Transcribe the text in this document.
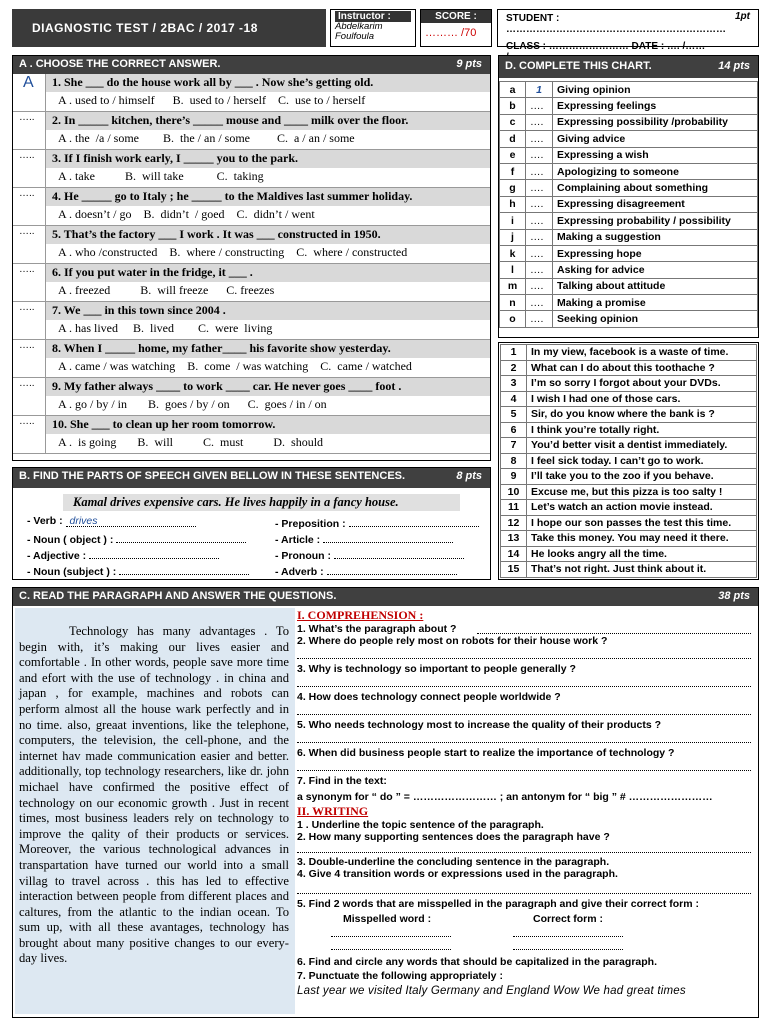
DIAGNOSTIC TEST / 2BAC / 2017 -18
Instructor :
Abdelkarim Foulfoula
SCORE :
……… /70
STUDENT : …………………………………………………………
1pt
CLASS : …………………… DATE : …. /……
A . CHOOSE THE CORRECT ANSWER.	9 pts
A	1. She ___ do the house work all by ___ . Now she’s getting old.
A . used to / himself      B.  used to / herself    C.  use to / herself
…..	2. In _____ kitchen, there’s _____ mouse and ____ milk over the floor.
A . the  /a / some        B.  the / an / some         C.  a / an / some
…..	3. If I finish work early, I _____ you to the park.
A . take          B.  will take           C.  taking
…..	4. He _____ go to Italy ; he _____ to the Maldives last summer holiday.
A . doesn’t / go    B.  didn’t  / goed    C.  didn’t / went
…..	5. That’s the factory ___ I work . It was ___ constructed in 1950.
A . who /constructed    B.  where / constructing    C.  where / constructed
…..	6. If you put water in the fridge, it ___ .
A . freezed          B.  will freeze      C. freezes
…..	7. We ___ in this town since 2004 .
A . has lived     B.  lived        C.  were  living
…..	8. When I _____ home, my father____ his favorite show yesterday.
A . came / was watching    B.  come  / was watching    C.  came / watched
…..	9. My father always ____ to work ____ car. He never goes ____ foot .
A . go / by / in       B.  goes / by / on      C.  goes / in / on
…..	10. She ___ to clean up her room tomorrow.
A .  is going       B.  will          C.  must          D.  should
B. FIND THE PARTS OF SPEECH GIVEN BELLOW IN THESE SENTENCES.	8 pts
Kamal drives expensive cars. He lives happily in a fancy house.
- Verb : drives	- Preposition :
- Noun ( object ) :	- Article :
- Adjective :	- Pronoun :
- Noun (subject ) :	- Adverb :
D. COMPLETE THIS CHART.	14 pts
a	1	Giving opinion
b	….	Expressing feelings
c	….	Expressing possibility /probability
d	….	Giving advice
e	….	Expressing a wish
f	….	Apologizing to someone
g	….	Complaining about something
h	….	Expressing disagreement
i	….	Expressing probability / possibility
j	….	Making a suggestion
k	….	Expressing hope
l	….	Asking for advice
m	….	Talking about attitude
n	….	Making a promise
o	….	Seeking opinion
1	In my view, facebook is a waste of time.
2	What can I do about this toothache ?
3	I’m so sorry I forgot about your DVDs.
4	I wish I had one of those cars.
5	Sir, do you know where the bank is ?
6	I think you’re totally right.
7	You’d better visit a dentist immediately.
8	I feel sick today. I can’t go to work.
9	I’ll take you to the zoo if you behave.
10	Excuse me, but this pizza is too salty !
11	Let’s watch an action movie instead.
12	I hope our son passes the test this time.
13	Take this money. You may need it there.
14	He looks angry all the time.
15	That’s not right. Just think about it.
C. READ THE PARAGRAPH AND ANSWER THE QUESTIONS.	38 pts

Technology has many advantages . To begin with, it’s making our lives easier and comfortable . In other words, people save more time and efort with the use of technology . in china and japan , for example, machines and robots can perform almost all the house wark perfectly and in no time. also, greaat inventions, like the telephone, computers, the television, the cell-phone, and the internet hav made communication easier and better. additionally, top technology researchers, like dr. john michael have confirmed the positive effect of technology on our economic growth . Just in recent times, most business leaders rely on technology to improve the qality of their products or services. Moreover, the various technological advances in transpartation have turned our world into a small villag to travel across . this has led to effective interaction between people from different places and caltures, from the atlantic to the indian ocean. To sum up, with all these avantages, technology has brought about many positive changes to our every-day lives.

I. COMPREHENSION :
1. What’s the paragraph about ?
2. Where do people rely most on robots for their house work ?
3. Why is technology so important to people generally ?
4. How does technology connect people worldwide ?
5. Who needs technology most to increase the quality of their products ?
6. When did business people start to realize the importance of technology ?
7. Find in the text:
a synonym for “ do ” = …………………… ; an antonym for “ big ” # ……………………
II. WRITING
1 . Underline the topic sentence of the paragraph.
2. How many supporting sentences does the paragraph have ?
3. Double-underline the concluding sentence in the paragraph.
4. Give 4 transition words or expressions used in the paragraph.
5. Find 2 words that are misspelled in the paragraph and give their correct form :
Misspelled word :	Correct form :
6. Find and circle any words that should be capitalized in the paragraph.
7. Punctuate the following appropriately :
Last year we visited Italy Germany and England Wow We had great times
